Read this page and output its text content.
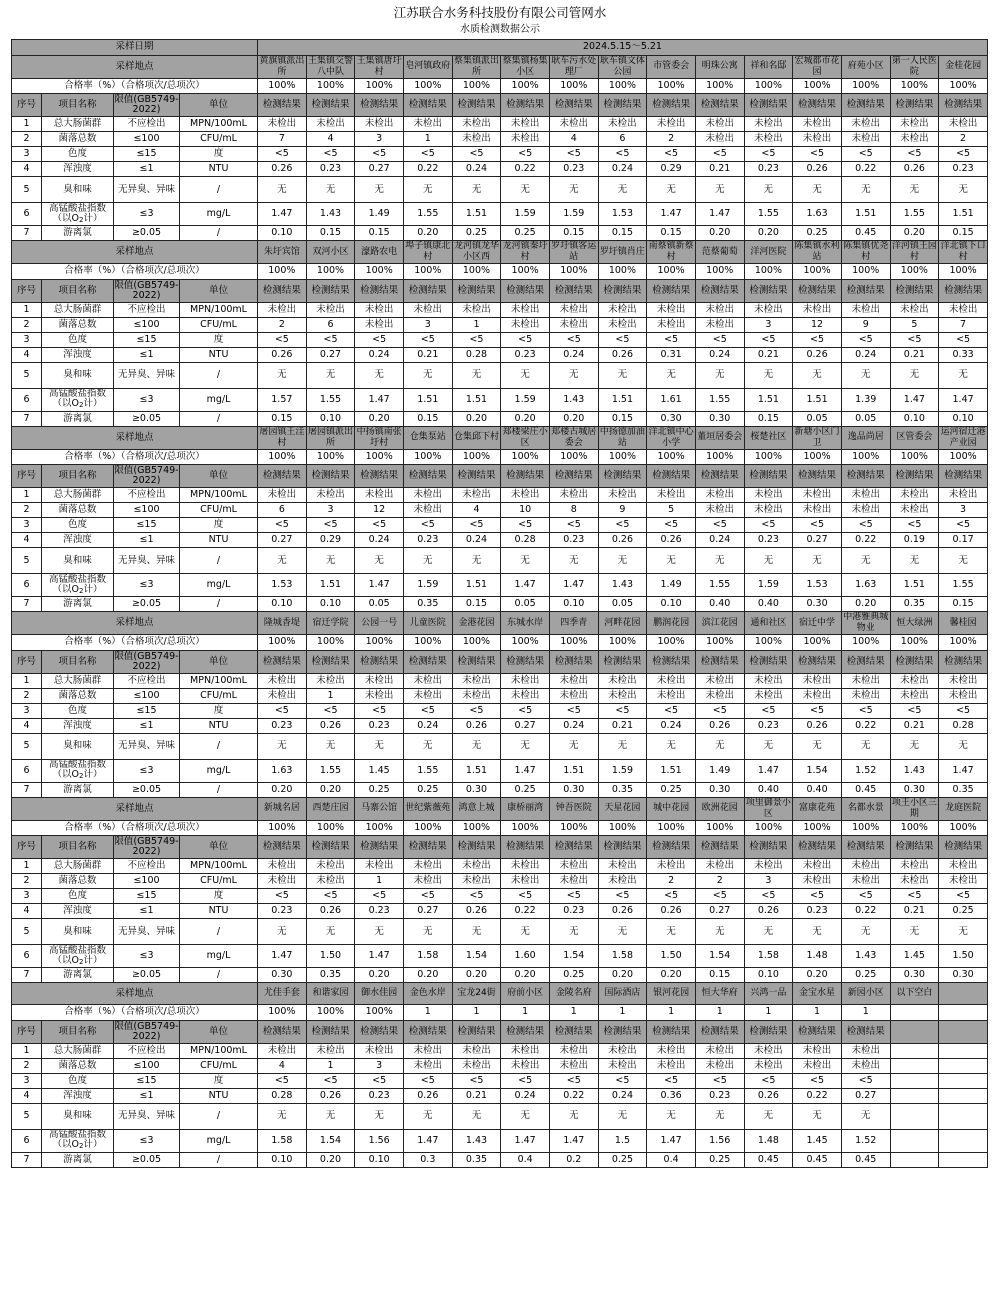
江苏联合水务科技股份有限公司管网水
水质检测数据公示
采样日期				2024.5.15～5.21														
采样地点				黄旗镇派出所	王集镇交警八中队	王集镇唐圩村	皂河镇政府	蔡集镇派出所	蔡集镇杨集小区	耿车污水处理厂	耿车镇文体公园	市管委会	明珠公寓	祥和名邸	宏城都市花园	府苑小区	第一人民医院	金桂花园
合格率（%）（合格项次/总项次）				100%	100%	100%	100%	100%	100%	100%	100%	100%	100%	100%	100%	100%	100%	100%
序号	项目名称	限值(GB5749-2022)	单位	检测结果	检测结果	检测结果	检测结果	检测结果	检测结果	检测结果	检测结果	检测结果	检测结果	检测结果	检测结果	检测结果	检测结果	检测结果
1	总大肠菌群	不应检出	MPN/100mL	未检出	未检出	未检出	未检出	未检出	未检出	未检出	未检出	未检出	未检出	未检出	未检出	未检出	未检出	未检出
2	菌落总数	≤100	CFU/mL	7	4	3	1	未检出	未检出	4	6	2	未检出	未检出	未检出	未检出	未检出	2
3	色度	≤15	度	<5	<5	<5	<5	<5	<5	<5	<5	<5	<5	<5	<5	<5	<5	<5
4	浑浊度	≤1	NTU	0.26	0.23	0.27	0.22	0.24	0.22	0.23	0.24	0.29	0.21	0.23	0.26	0.22	0.26	0.23
5	臭和味	无异臭、异味	/	无	无	无	无	无	无	无	无	无	无	无	无	无	无	无
6	高锰酸盐指数（以O2计）	≤3	mg/L	1.47	1.43	1.49	1.55	1.51	1.59	1.59	1.53	1.47	1.47	1.55	1.63	1.51	1.55	1.51
7	游离氯	≥0.05	/	0.10	0.15	0.15	0.20	0.25	0.25	0.15	0.15	0.15	0.20	0.20	0.25	0.45	0.20	0.15
采样地点				朱圩宾馆	双河小区	濠路农电	埠子镇康北村	龙河镇龙华小区西	龙河镇秦圩村	罗圩镇客运站	罗圩镇肖庄	南蔡镇新蔡村	范蔡葡萄	洋河医院	陈集镇水利站	陈集镇优尧村	洋河镇王园村	洋北镇下口村
合格率（%）（合格项次/总项次）				100%	100%	100%	100%	100%	100%	100%	100%	100%	100%	100%	100%	100%	100%	100%
序号	项目名称	限值(GB5749-2022)	单位	检测结果	检测结果	检测结果	检测结果	检测结果	检测结果	检测结果	检测结果	检测结果	检测结果	检测结果	检测结果	检测结果	检测结果	检测结果
1	总大肠菌群	不应检出	MPN/100mL	未检出	未检出	未检出	未检出	未检出	未检出	未检出	未检出	未检出	未检出	未检出	未检出	未检出	未检出	未检出
2	菌落总数	≤100	CFU/mL	2	6	未检出	3	1	未检出	未检出	未检出	未检出	未检出	3	12	9	5	7
3	色度	≤15	度	<5	<5	<5	<5	<5	<5	<5	<5	<5	<5	<5	<5	<5	<5	<5
4	浑浊度	≤1	NTU	0.26	0.27	0.24	0.21	0.28	0.23	0.24	0.26	0.31	0.24	0.21	0.26	0.24	0.21	0.33
5	臭和味	无异臭、异味	/	无	无	无	无	无	无	无	无	无	无	无	无	无	无	无
6	高锰酸盐指数（以O2计）	≤3	mg/L	1.57	1.55	1.47	1.51	1.51	1.59	1.43	1.51	1.61	1.55	1.51	1.51	1.39	1.47	1.47
7	游离氯	≥0.05	/	0.15	0.10	0.20	0.15	0.20	0.20	0.20	0.15	0.30	0.30	0.15	0.05	0.05	0.10	0.10
采样地点				屠园镇王洼村	屠园镇派出所	中扬镇南张圩村	仓集泵站	仓集邱下村	郑楼梁庄小区	郑楼古城居委会	中扬德加油站	洋北镇中心小学	董垣居委会	桜楚社区	新塘小区门卫	逸品尚居	区管委会	运河宿迁港产业园
合格率（%）（合格项次/总项次）				100%	100%	100%	100%	100%	100%	100%	100%	100%	100%	100%	100%	100%	100%	100%
序号	项目名称	限值(GB5749-2022)	单位	检测结果	检测结果	检测结果	检测结果	检测结果	检测结果	检测结果	检测结果	检测结果	检测结果	检测结果	检测结果	检测结果	检测结果	检测结果
1	总大肠菌群	不应检出	MPN/100mL	未检出	未检出	未检出	未检出	未检出	未检出	未检出	未检出	未检出	未检出	未检出	未检出	未检出	未检出	未检出
2	菌落总数	≤100	CFU/mL	6	3	12	未检出	4	10	8	9	5	未检出	未检出	未检出	未检出	未检出	3
3	色度	≤15	度	<5	<5	<5	<5	<5	<5	<5	<5	<5	<5	<5	<5	<5	<5	<5
4	浑浊度	≤1	NTU	0.27	0.29	0.24	0.23	0.24	0.28	0.23	0.26	0.26	0.24	0.23	0.27	0.22	0.19	0.17
5	臭和味	无异臭、异味	/	无	无	无	无	无	无	无	无	无	无	无	无	无	无	无
6	高锰酸盐指数（以O2计）	≤3	mg/L	1.53	1.51	1.47	1.59	1.51	1.47	1.47	1.43	1.49	1.55	1.59	1.53	1.63	1.51	1.55
7	游离氯	≥0.05	/	0.10	0.10	0.05	0.35	0.15	0.05	0.10	0.05	0.10	0.40	0.40	0.30	0.20	0.35	0.15
采样地点				隆城香堤	宿迁学院	公园一号	儿童医院	金港花园	东城水岸	四季青	河畔花园	鹏润花园	滨江花园	通和社区	宿迁中学	中港雅典城物业	恒大绿洲	馨桂园
合格率（%）（合格项次/总项次）				100%	100%	100%	100%	100%	100%	100%	100%	100%	100%	100%	100%	100%	100%	100%
序号	项目名称	限值(GB5749-2022)	单位	检测结果	检测结果	检测结果	检测结果	检测结果	检测结果	检测结果	检测结果	检测结果	检测结果	检测结果	检测结果	检测结果	检测结果	检测结果
1	总大肠菌群	不应检出	MPN/100mL	未检出	未检出	未检出	未检出	未检出	未检出	未检出	未检出	未检出	未检出	未检出	未检出	未检出	未检出	未检出
2	菌落总数	≤100	CFU/mL	未检出	1	未检出	未检出	未检出	未检出	未检出	未检出	未检出	未检出	未检出	未检出	未检出	未检出	未检出
3	色度	≤15	度	<5	<5	<5	<5	<5	<5	<5	<5	<5	<5	<5	<5	<5	<5	<5
4	浑浊度	≤1	NTU	0.23	0.26	0.23	0.24	0.26	0.27	0.24	0.21	0.24	0.26	0.23	0.26	0.22	0.21	0.28
5	臭和味	无异臭、异味	/	无	无	无	无	无	无	无	无	无	无	无	无	无	无	无
6	高锰酸盐指数（以O2计）	≤3	mg/L	1.63	1.55	1.45	1.55	1.51	1.47	1.51	1.59	1.51	1.49	1.47	1.54	1.52	1.43	1.47
7	游离氯	≥0.05	/	0.20	0.20	0.25	0.25	0.30	0.25	0.30	0.35	0.25	0.30	0.40	0.40	0.45	0.30	0.35
采样地点				新城名居	西楚庄园	马寨公馆	世纪紫薇苑	鸿意上城	康桥丽湾	钟吾医院	天星花园	城中花园	欧洲花园	项里御景小区	富康花苑	名都水景	项王小区三期	龙庭医院
合格率（%）（合格项次/总项次）				100%	100%	100%	100%	100%	100%	100%	100%	100%	100%	100%	100%	100%	100%	100%
序号	项目名称	限值(GB5749-2022)	单位	检测结果	检测结果	检测结果	检测结果	检测结果	检测结果	检测结果	检测结果	检测结果	检测结果	检测结果	检测结果	检测结果	检测结果	检测结果
1	总大肠菌群	不应检出	MPN/100mL	未检出	未检出	未检出	未检出	未检出	未检出	未检出	未检出	未检出	未检出	未检出	未检出	未检出	未检出	未检出
2	菌落总数	≤100	CFU/mL	未检出	未检出	1	未检出	未检出	未检出	未检出	未检出	2	2	3	未检出	未检出	未检出	未检出
3	色度	≤15	度	<5	<5	<5	<5	<5	<5	<5	<5	<5	<5	<5	<5	<5	<5	<5
4	浑浊度	≤1	NTU	0.23	0.26	0.23	0.27	0.26	0.22	0.23	0.26	0.26	0.27	0.26	0.23	0.22	0.21	0.25
5	臭和味	无异臭、异味	/	无	无	无	无	无	无	无	无	无	无	无	无	无	无	无
6	高锰酸盐指数（以O2计）	≤3	mg/L	1.47	1.50	1.47	1.58	1.54	1.60	1.54	1.58	1.50	1.54	1.58	1.48	1.43	1.45	1.50
7	游离氯	≥0.05	/	0.30	0.35	0.20	0.20	0.20	0.20	0.25	0.20	0.20	0.15	0.10	0.20	0.25	0.30	0.30
采样地点				尤佳手套	和谐家园	御水佳园	金色水岸	宝龙24街	府前小区	金陵名府	国际酒店	银河花园	恒大华府	兴鸿一品	金宝水星	新园小区	以下空白	
合格率（%）（合格项次/总项次）				100%	100%	100%	1	1	1	1	1	1	1	1	1	1		
序号	项目名称	限值(GB5749-2022)	单位	检测结果	检测结果	检测结果	检测结果	检测结果	检测结果	检测结果	检测结果	检测结果	检测结果	检测结果	检测结果	检测结果		
1	总大肠菌群	不应检出	MPN/100mL	未检出	未检出	未检出	未检出	未检出	未检出	未检出	未检出	未检出	未检出	未检出	未检出	未检出		
2	菌落总数	≤100	CFU/mL	4	1	3	未检出	未检出	未检出	未检出	未检出	未检出	未检出	未检出	未检出	未检出		
3	色度	≤15	度	<5	<5	<5	<5	<5	<5	<5	<5	<5	<5	<5	<5	<5		
4	浑浊度	≤1	NTU	0.28	0.26	0.23	0.26	0.21	0.24	0.22	0.24	0.36	0.23	0.26	0.22	0.27		
5	臭和味	无异臭、异味	/	无	无	无	无	无	无	无	无	无	无	无	无	无		
6	高锰酸盐指数（以O2计）	≤3	mg/L	1.58	1.54	1.56	1.47	1.43	1.47	1.47	1.5	1.47	1.56	1.48	1.45	1.52		
7	游离氯	≥0.05	/	0.10	0.20	0.10	0.3	0.35	0.4	0.2	0.25	0.4	0.25	0.45	0.45	0.45		
